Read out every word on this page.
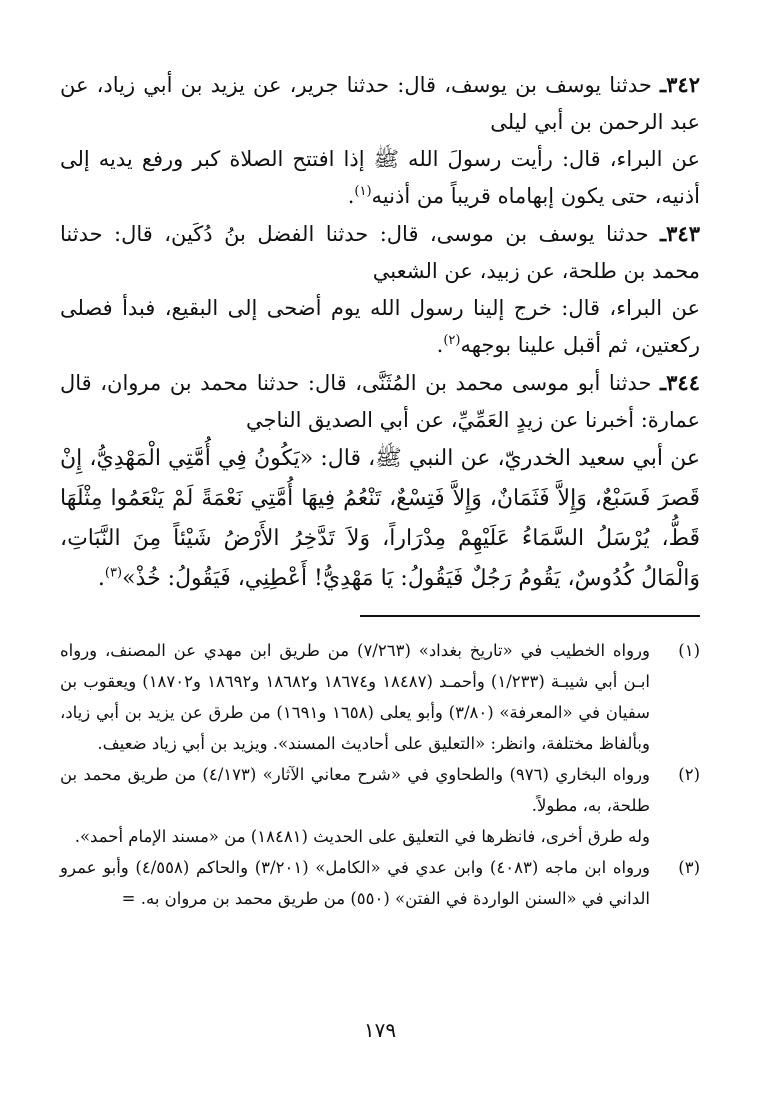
٣٤٢ـ حدثنا يوسف بن يوسف، قال: حدثنا جرير، عن يزيد بن أبي زياد، عن عبد الرحمن بن أبي ليلى

عن البراء، قال: رأيت رسولَ الله ﷺ إذا افتتح الصلاة كبر ورفع يديه إلى أذنيه، حتى يكون إبهاماه قريباً من أذنيه$^{(١)}$.

٣٤٣ـ حدثنا يوسف بن موسى، قال: حدثنا الفضل بنُ دُكَين، قال: حدثنا محمد بن طلحة، عن زبيد، عن الشعبي

عن البراء، قال: خرج إلينا رسول الله يوم أضحى إلى البقيع، فبدأ فصلى ركعتين، ثم أقبل علينا بوجهه$^{(٢)}$.

٣٤٤ـ حدثنا أبو موسى محمد بن المُثَنَّى، قال: حدثنا محمد بن مروان، قال عمارة: أخبرنا عن زيدٍ العَمِّيِّ، عن أبي الصديق الناجي

عن أبي سعيد الخدريّ، عن النبي ﷺ، قال: «يَكُونُ فِي أُمَّتِي الْمَهْدِيُّ، إِنْ قَصرَ فَسَبْعٌ، وَإِلاَّ فَثَمَانٌ، وَإِلاَّ فَتِسْعٌ، تَنْعُمُ فِيهَا أُمَّتِي نَعْمَةً لَمْ يَنْعَمُوا مِثْلَهَا قَطُّ، يُرْسَلُ السَّمَاءُ عَلَيْهِمْ مِدْرَاراً، وَلاَ تَدَّخِرُ الأَرْضُ شَيْئاً مِنَ النَّبَاتِ، وَالْمَالُ كُدُوسٌ، يَقُومُ رَجُلٌ فَيَقُولُ: يَا مَهْدِيُّ! أَعْطِنِي، فَيَقُولُ: خُذْ»$^{(٣)}$.

(١)

ورواه الخطيب في «تاريخ بغداد» (٧/٢٦٣) من طريق ابن مهدي عن المصنف، ورواه ابـن أبي شيبـة (١/٢٣٣) وأحمـد (١٨٤٨٧ و١٨٦٧٤ و١٨٦٨٢ و١٨٦٩٢ و١٨٧٠٢) ويعقوب بن سفيان في «المعرفة» (٣/٨٠) وأبو يعلى (١٦٥٨ و١٦٩١) من طرق عن يزيد بن أبي زياد، وبألفاظ مختلفة، وانظر: «التعليق على أحاديث المسند». ويزيد بن أبي زياد ضعيف.

(٢)

ورواه البخاري (٩٧٦) والطحاوي في «شرح معاني الآثار» (٤/١٧٣) من طريق محمد بن طلحة، به، مطولاً.

وله طرق أخرى، فانظرها في التعليق على الحديث (١٨٤٨١) من «مسند الإمام أحمد».

(٣)

ورواه ابن ماجه (٤٠٨٣) وابن عدي في «الكامل» (٣/٢٠١) والحاكم (٤/٥٥٨) وأبو عمرو الداني في «السنن الواردة في الفتن» (٥٥٠) من طريق محمد بن مروان به. =

١٧٩
